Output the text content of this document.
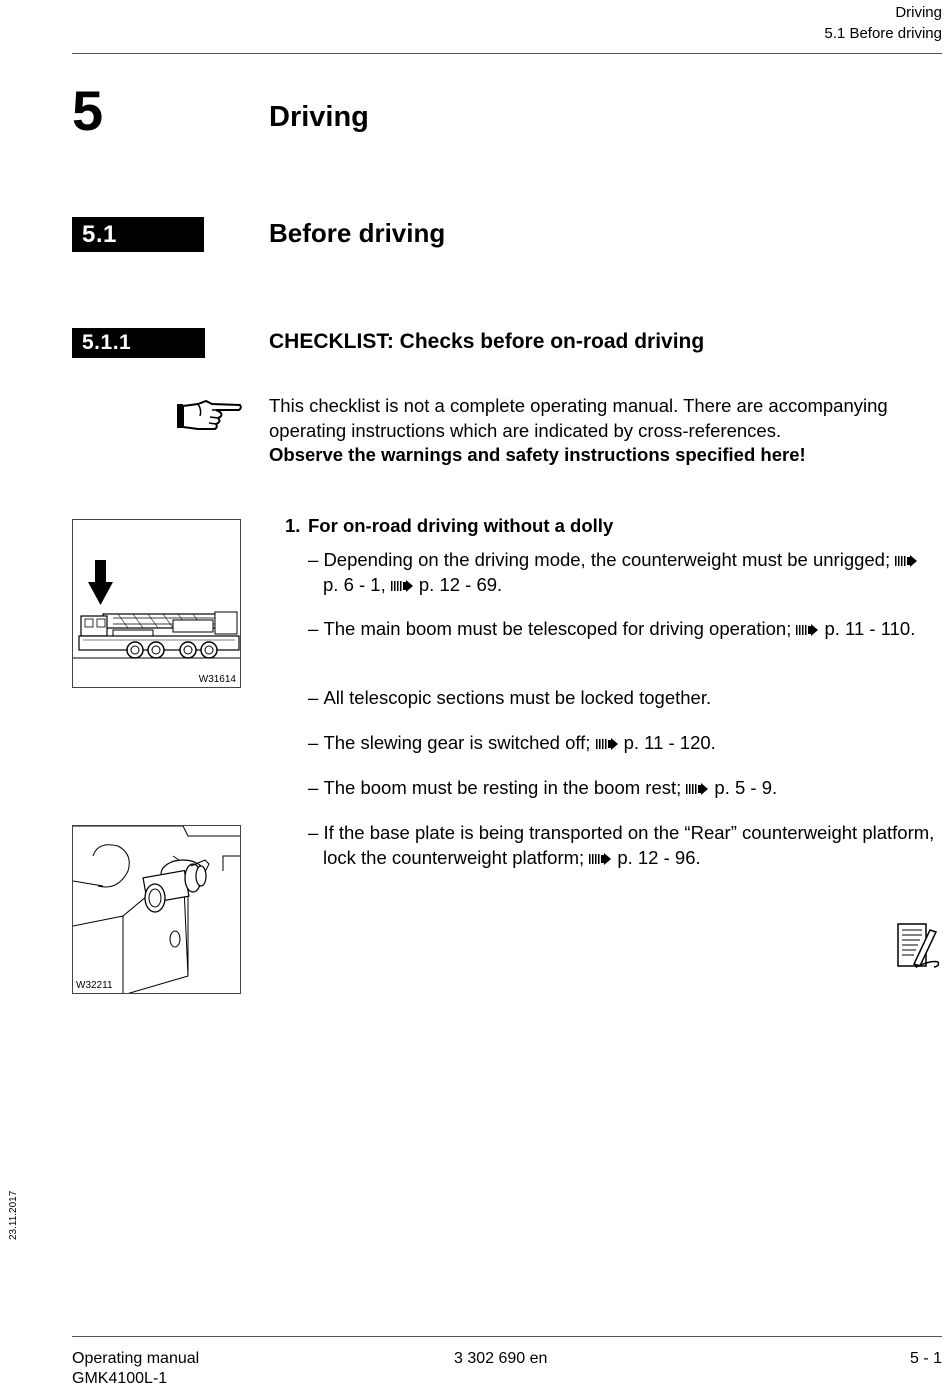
Driving
5.1 Before driving
5	Driving
5.1	Before driving
5.1.1	CHECKLIST: Checks before on-road driving
This checklist is not a complete operating manual. There are accompanying operating instructions which are indicated by cross-references.
Observe the warnings and safety instructions specified here!
W31614
W32211
1. For on-road driving without a dolly
– Depending on the driving mode, the counterweight must be unrigged; p. 6 - 1, p. 12 - 69.
– The main boom must be telescoped for driving operation; p. 11 - 110.
– All telescopic sections must be locked together.
– The slewing gear is switched off; p. 11 - 120.
– The boom must be resting in the boom rest; p. 5 - 9.
– If the base plate is being transported on the “Rear” counterweight platform, lock the counterweight platform; p. 12 - 96.
23.11.2017
Operating manual
GMK4100L-1
3 302 690 en	5 - 1
